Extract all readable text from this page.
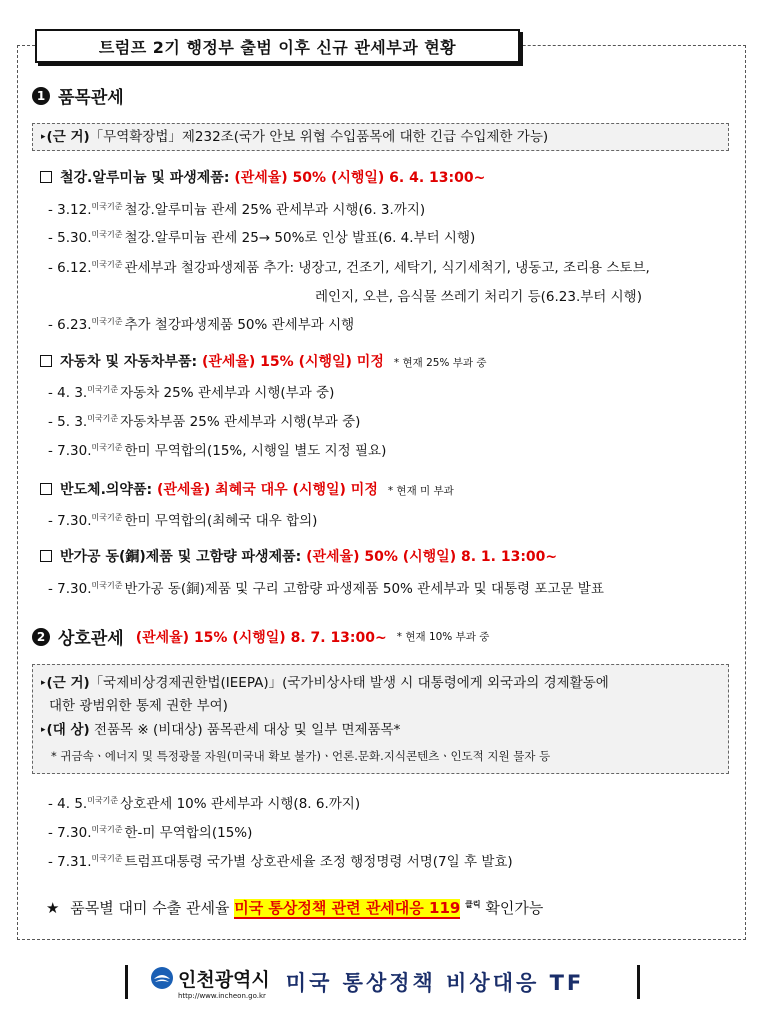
트럼프 2기 행정부 출범 이후 신규 관세부과 현황
1 품목관세
▸(근 거)「무역확장법」제232조(국가 안보 위협 수입품목에 대한 긴급 수입제한 가능)
철강.알루미늄 및 파생제품: (관세율) 50% (시행일) 6. 4. 13:00~
- 3.12.$^{미국기준}$ 철강.알루미늄 관세 25% 관세부과 시행(6. 3.까지)
- 5.30.$^{미국기준}$ 철강.알루미늄 관세 25→ 50%로 인상 발표(6. 4.부터 시행)
- 6.12.$^{미국기준}$ 관세부과 철강파생제품 추가: 냉장고, 건조기, 세탁기, 식기세척기, 냉동고, 조리용 스토브,
레인지, 오븐, 음식물 쓰레기 처리기 등(6.23.부터 시행)
- 6.23.$^{미국기준}$ 추가 철강파생제품 50% 관세부과 시행
자동차 및 자동차부품: (관세율) 15% (시행일) 미정 * 현재 25% 부과 중
- 4. 3.$^{미국기준}$ 자동차 25% 관세부과 시행(부과 중)
- 5. 3.$^{미국기준}$ 자동차부품 25% 관세부과 시행(부과 중)
- 7.30.$^{미국기준}$ 한미 무역합의(15%, 시행일 별도 지정 필요)
반도체.의약품: (관세율) 최혜국 대우 (시행일) 미정 * 현재 미 부과
- 7.30.$^{미국기준}$ 한미 무역합의(최혜국 대우 합의)
반가공 동(銅)제품 및 고함량 파생제품: (관세율) 50% (시행일) 8. 1. 13:00~
- 7.30.$^{미국기준}$ 반가공 동(銅)제품 및 구리 고함량 파생제품 50% 관세부과 및 대통령 포고문 발표
2 상호관세 (관세율) 15% (시행일) 8. 7. 13:00~ * 현재 10% 부과 중
▸(근 거)「국제비상경제권한법(IEEPA)」(국가비상사태 발생 시 대통령에게 외국과의 경제활동에
대한 광범위한 통제 권한 부여)
▸(대 상) 전품목 ※ (비대상) 품목관세 대상 및 일부 면제품목*
* 귀금속ㆍ에너지 및 특정광물 자원(미국내 확보 불가)ㆍ언론.문화.지식콘텐츠ㆍ인도적 지원 물자 등
- 4. 5.$^{미국기준}$ 상호관세 10% 관세부과 시행(8. 6.까지)
- 7.30.$^{미국기준}$ 한-미 무역합의(15%)
- 7.31.$^{미국기준}$ 트럼프대통령 국가별 상호관세율 조정 행정명령 서명(7일 후 발효)
★ 품목별 대미 수출 관세율 미국 통상정책 관련 관세대응 119 $^{클릭}$ 확인가능
인천광역시
http://www.incheon.go.kr
미국 통상정책 비상대응 TF
